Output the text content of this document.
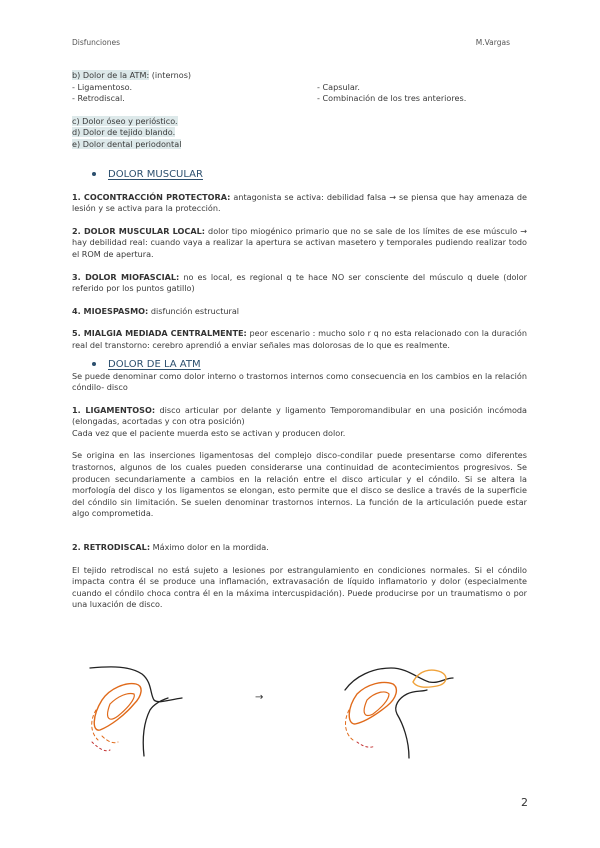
Disfunciones	M.Vargas
b) Dolor de la ATM: (internos)
- Ligamentoso.
- Retrodiscal.
- Capsular.
- Combinación de los tres anteriores.
c) Dolor óseo y perióstico.
d) Dolor de tejido blando.
e) Dolor dental periodontal
DOLOR MUSCULAR
1. COCONTRACCIÓN PROTECTORA: antagonista se activa: debilidad falsa → se piensa que hay amenaza de lesión y se activa para la protección.
2. DOLOR MUSCULAR LOCAL: dolor tipo miogénico primario que no se sale de los límites de ese músculo → hay debilidad real: cuando vaya a realizar la apertura se activan masetero y temporales pudiendo realizar todo el ROM de apertura.
3. DOLOR MIOFASCIAL: no es local, es regional q te hace NO ser consciente del músculo q duele (dolor referido por los puntos gatillo)
4. MIOESPASMO: disfunción estructural
5. MIALGIA MEDIADA CENTRALMENTE: peor escenario : mucho solo r q no esta relacionado con la duración real del transtorno: cerebro aprendió a enviar señales mas dolorosas de lo que es realmente.
DOLOR DE LA ATM
Se puede denominar como dolor interno o trastornos internos como consecuencia en los cambios en la relación cóndilo- disco
1. LIGAMENTOSO: disco articular por delante y ligamento Temporomandibular en una posición incómoda (elongadas, acortadas y con otra posición)
Cada vez que el paciente muerda esto se activan y producen dolor.
Se origina en las inserciones ligamentosas del complejo disco-condilar puede presentarse como diferentes trastornos, algunos de los cuales pueden considerarse una continuidad de acontecimientos progresivos. Se producen secundariamente a cambios en la relación entre el disco articular y el cóndilo. Si se altera la morfología del disco y los ligamentos se elongan, esto permite que el disco se deslice a través de la superficie del cóndilo sin limitación. Se suelen denominar trastornos internos. La función de la articulación puede estar algo comprometida.
2. RETRODISCAL: Máximo dolor en la mordida.
El tejido retrodiscal no está sujeto a lesiones por estrangulamiento en condiciones normales. Si el cóndilo impacta contra él se produce una inflamación, extravasación de líquido inflamatorio y dolor (especialmente cuando el cóndilo choca contra él en la máxima intercuspidación). Puede producirse por un traumatismo o por una luxación de disco.
→
2
